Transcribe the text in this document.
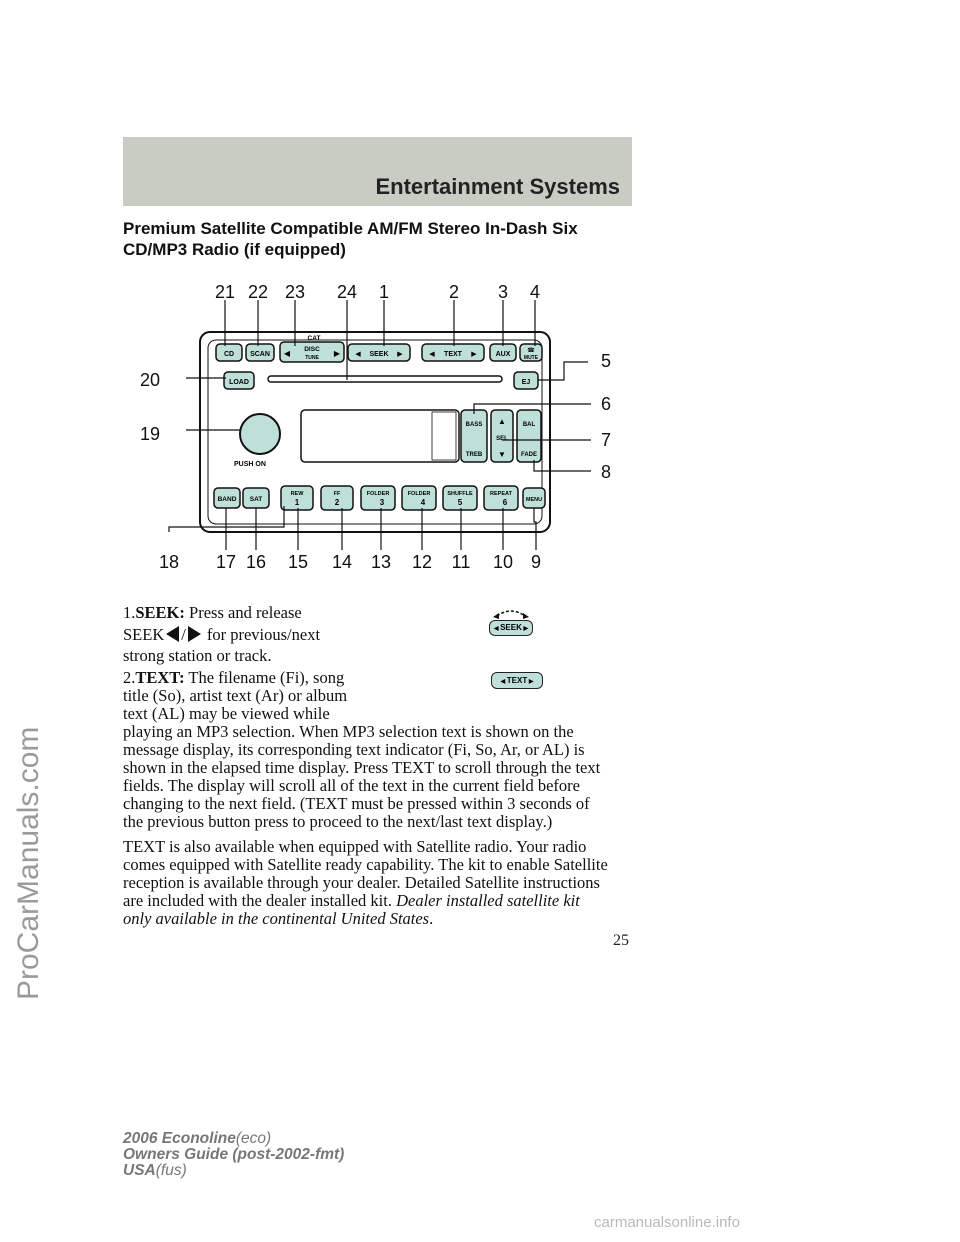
Entertainment Systems
Premium Satellite Compatible AM/FM Stereo In-Dash Six CD/MP3 Radio (if equipped)
ProCarManuals.com
CD SCAN
CAT
DISC
TUNE
◀	▶	SEEK
◀	▶	TEXT
◀	▶	AUX	☎
MUTE
LOAD	EJ
PUSH ON
BASS
TREB
▲
SEL
▼
BAL
FADE
BAND SAT
REW
1
FF
2
FOLDER
3
FOLDER
4
SHUFFLE
5
REPEAT
6	MENU
21 22 23 24 1	2 3 4
5
6
7
8
9
10
11
12
13
14
15
16
17
18
19
20
1.SEEK: Press and release
SEEK / for previous/next
strong station or track.
◀ SEEK ▶
2.TEXT: The filename (Fi), song
title (So), artist text (Ar) or album
text (AL) may be viewed while
playing an MP3 selection. When MP3 selection text is shown on the
message display, its corresponding text indicator (Fi, So, Ar, or AL) is
shown in the elapsed time display. Press TEXT to scroll through the text
fields. The display will scroll all of the text in the current field before
changing to the next field. (TEXT must be pressed within 3 seconds of
the previous button press to proceed to the next/last text display.)
◀ TEXT ▶
TEXT is also available when equipped with Satellite radio. Your radio
comes equipped with Satellite ready capability. The kit to enable Satellite
reception is available through your dealer. Detailed Satellite instructions
are included with the dealer installed kit. Dealer installed satellite kit
only available in the continental United States.
25
2006 Econoline(eco)
Owners Guide (post-2002-fmt)
USA(fus)
carmanualsonline.info
